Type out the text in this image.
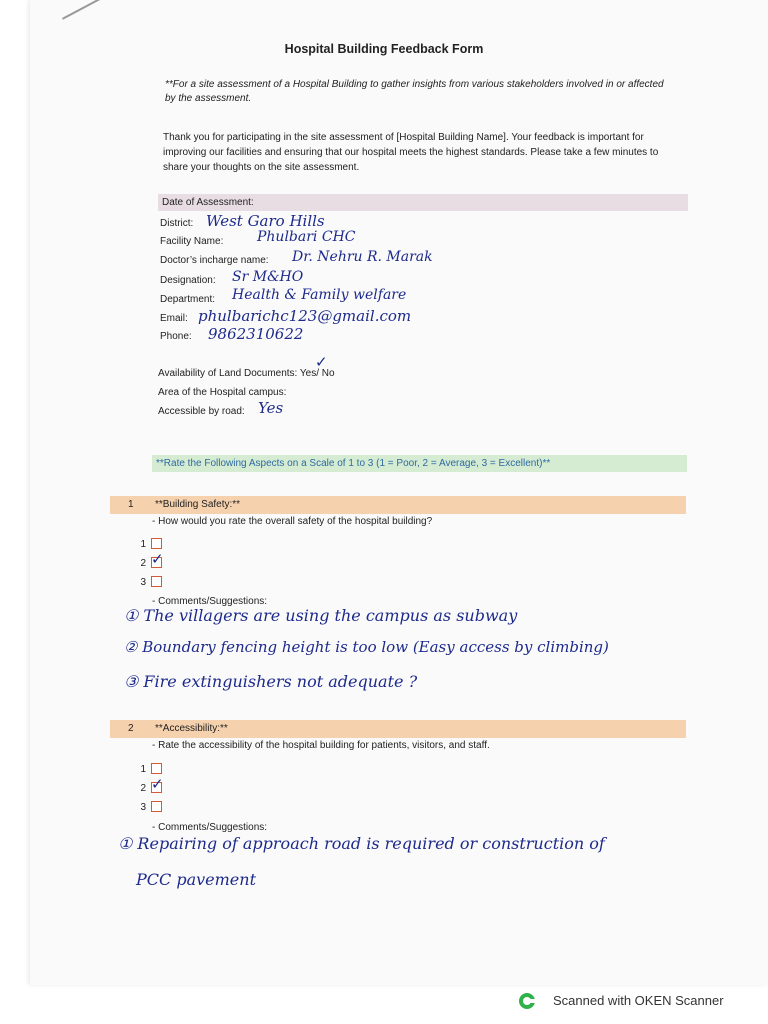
Hospital Building Feedback Form
**For a site assessment of a Hospital Building to gather insights from various stakeholders involved in or affected by the assessment.
Thank you for participating in the site assessment of [Hospital Building Name]. Your feedback is important for improving our facilities and ensuring that our hospital meets the highest standards. Please take a few minutes to share your thoughts on the site assessment.
Date of Assessment:
District: West Garo Hills
Facility Name: Phulbari CHC
Doctor’s incharge name: Dr. Nehru R. Marak
Designation: Sr M&HO
Department: Health & Family welfare
Email: phulbarichc123@gmail.com
Phone: 9862310622
Availability of Land Documents: Yes/ No
✓
Area of the Hospital campus:
Accessible by road: Yes
**Rate the Following Aspects on a Scale of 1 to 3 (1 = Poor, 2 = Average, 3 = Excellent)**
1 **Building Safety:**
- How would you rate the overall safety of the hospital building?
1
2 ✓
3
- Comments/Suggestions:
① The villagers are using the campus as subway
② Boundary fencing height is too low (Easy access by climbing)
③ Fire extinguishers not adequate ?
2 **Accessibility:**
- Rate the accessibility of the hospital building for patients, visitors, and staff.
1
2 ✓
3
- Comments/Suggestions:
① Repairing of approach road is required or construction of
PCC pavement
Scanned with OKEN Scanner
